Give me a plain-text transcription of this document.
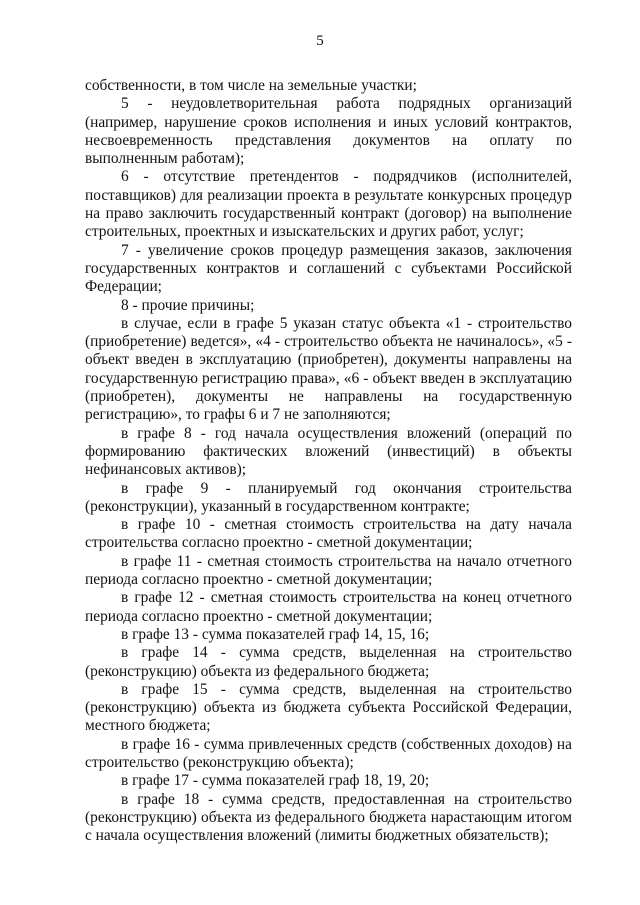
5

собственности, в том числе на земельные участки;

5 - неудовлетворительная работа подрядных организаций (например, нарушение сроков исполнения и иных условий контрактов, несвоевременность представления документов на оплату по выполненным работам);

6 - отсутствие претендентов - подрядчиков (исполнителей, поставщиков) для реализации проекта в результате конкурсных процедур на право заключить государственный контракт (договор) на выполнение строительных, проектных и изыскательских и других работ, услуг;

7 - увеличение сроков процедур размещения заказов, заключения государственных контрактов и соглашений с субъектами Российской Федерации;

8 - прочие причины;

в случае, если в графе 5 указан статус объекта «1 - строительство (приобретение) ведется», «4 - строительство объекта не начиналось», «5 - объект введен в эксплуатацию (приобретен), документы направлены на государственную регистрацию права», «6 - объект введен в эксплуатацию (приобретен), документы не направлены на государственную регистрацию», то графы 6 и 7 не заполняются;

в графе 8 - год начала осуществления вложений (операций по формированию фактических вложений (инвестиций) в объекты нефинансовых активов);

в графе 9 - планируемый год окончания строительства (реконструкции), указанный в государственном контракте;

в графе 10 - сметная стоимость строительства на дату начала строительства согласно проектно - сметной документации;

в графе 11 - сметная стоимость строительства на начало отчетного периода согласно проектно - сметной документации;

в графе 12 - сметная стоимость строительства на конец отчетного периода согласно проектно - сметной документации;

в графе 13 - сумма показателей граф 14, 15, 16;

в графе 14 - сумма средств, выделенная на строительство (реконструкцию) объекта из федерального бюджета;

в графе 15 - сумма средств, выделенная на строительство (реконструкцию) объекта из бюджета субъекта Российской Федерации, местного бюджета;

в графе 16 - сумма привлеченных средств (собственных доходов) на строительство (реконструкцию объекта);

в графе 17 - сумма показателей граф 18, 19, 20;

в графе 18 - сумма средств, предоставленная на строительство (реконструкцию) объекта из федерального бюджета нарастающим итогом с начала осуществления вложений (лимиты бюджетных обязательств);
